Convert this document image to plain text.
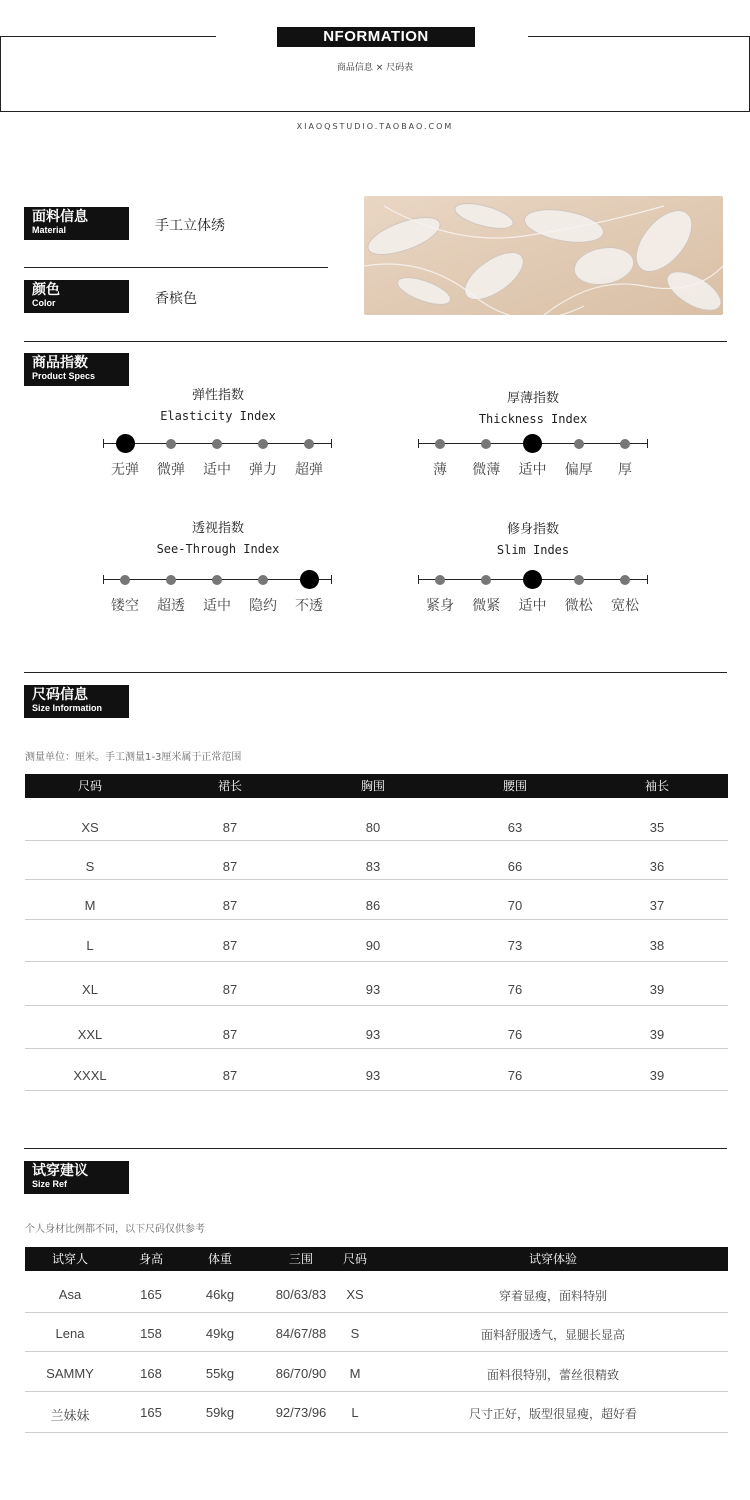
NFORMATION
商品信息 × 尺码表
XIAOQSTUDIO.TAOBAO.COM
面料信息
Material	手工立体绣
颜色
Color	香槟色
商品指数
Product Specs
弹性指数
Elasticity Index
无弹	微弹	适中	弹力	超弹
厚薄指数
Thickness Index
薄	微薄	适中	偏厚	厚
透视指数
See-Through Index
镂空	超透	适中	隐约	不透
修身指数
Slim Indes
紧身	微紧	适中	微松	宽松
尺码信息
Size Information
测量单位：厘米。手工测量1-3厘米属于正常范围
尺码	裙长	胸围	腰围	袖长
XS	87	80	63	35
S	87	83	66	36
M	87	86	70	37
L	87	90	73	38
XL	87	93	76	39
XXL	87	93	76	39
XXXL	87	93	76	39
试穿建议
Size Ref
个人身材比例都不同，以下尺码仅供参考
试穿人	身高	体重	三围	尺码	试穿体验
Asa	165	46kg	80/63/83	XS	穿着显瘦，面料特别
Lena	158	49kg	84/67/88	S	面料舒服透气，显腿长显高
SAMMY	168	55kg	86/70/90	M	面料很特别，蕾丝很精致
兰妹妹	165	59kg	92/73/96	L	尺寸正好，版型很显瘦，超好看
